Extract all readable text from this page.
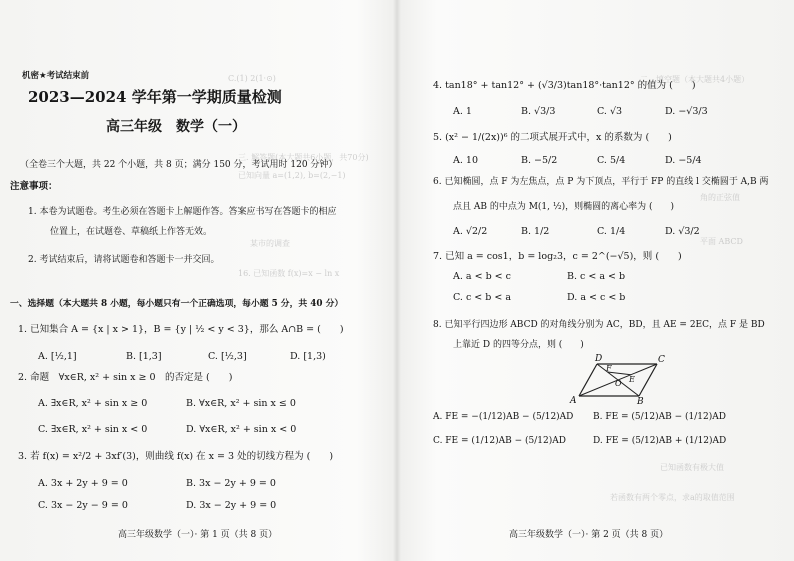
C.(1) 2(1·⊙)
三. 解答题(本大题共6小题，共70分)
已知向量 a=(1,2), b=(2,−1)
某市的调查
16. 已知函数 f(x)=x − ln x
二、填空题（本大题共4小题）
角的正弦值
平面 ABCD
已知函数有极大值
若函数有两个零点，求a的取值范围
机密★考试结束前
2023—2024 学年第一学期质量检测
高三年级　数学（一）
（全卷三个大题，共 22 个小题，共 8 页；满分 150 分，考试用时 120 分钟）
注意事项：
1. 本卷为试题卷。考生必须在答题卡上解题作答。答案应书写在答题卡的相应
位置上，在试题卷、草稿纸上作答无效。
2. 考试结束后，请将试题卷和答题卡一并交回。
一、选择题（本大题共 8 小题，每小题只有一个正确选项，每小题 5 分，共 40 分）
1. 已知集合 A = {x | x > 1}，B = {y | ½ < y < 3}，那么 A∩B = (　　)
A. [½,1]	B. [1,3]	C. [½,3]	D. [1,3)
2. 命题　∀x∈R, x² + sin x ≥ 0　的否定是 (　　)
A. ∃x∈R, x² + sin x ≥ 0	B. ∀x∈R, x² + sin x ≤ 0
C. ∃x∈R, x² + sin x < 0	D. ∀x∈R, x² + sin x < 0
3. 若 f(x) = x²/2 + 3xf′(3)，则曲线 f(x) 在 x = 3 处的切线方程为 (　　)
A. 3x + 2y + 9 = 0	B. 3x − 2y + 9 = 0
C. 3x − 2y − 9 = 0	D. 3x − 2y + 9 = 0
高三年级数学（一）· 第 1 页（共 8 页）
4. tan18° + tan12° + (√3/3)tan18°·tan12° 的值为 (　　)
A. 1	B. √3/3	C. √3	D. −√3/3
5. (x² − 1/(2x))⁶ 的二项式展开式中，x 的系数为 (　　)
A. 10	B. −5/2	C. 5/4	D. −5/4
6. 已知椭圆，点 F 为左焦点，点 P 为下顶点，平行于 FP 的直线 l 交椭圆于 A,B 两
点且 AB 的中点为 M(1, ½)，则椭圆的离心率为 (　　)
A. √2/2	B. 1/2	C. 1/4	D. √3/2
7. 已知 a = cos1，b = log₂3，c = 2^(−√5)，则 (　　)
A. a < b < c	B. c < a < b
C. c < b < a	D. a < c < b
8. 已知平行四边形 ABCD 的对角线分别为 AC，BD，且 AE = 2EC，点 F 是 BD
上靠近 D 的四等分点，则 (　　)
D	C
F
O E
A	B
A. FE = −(1/12)AB − (5/12)AD B. FE = (5/12)AB − (1/12)AD
C. FE = (1/12)AB − (5/12)AD	D. FE = (5/12)AB + (1/12)AD
高三年级数学（一）· 第 2 页（共 8 页）
